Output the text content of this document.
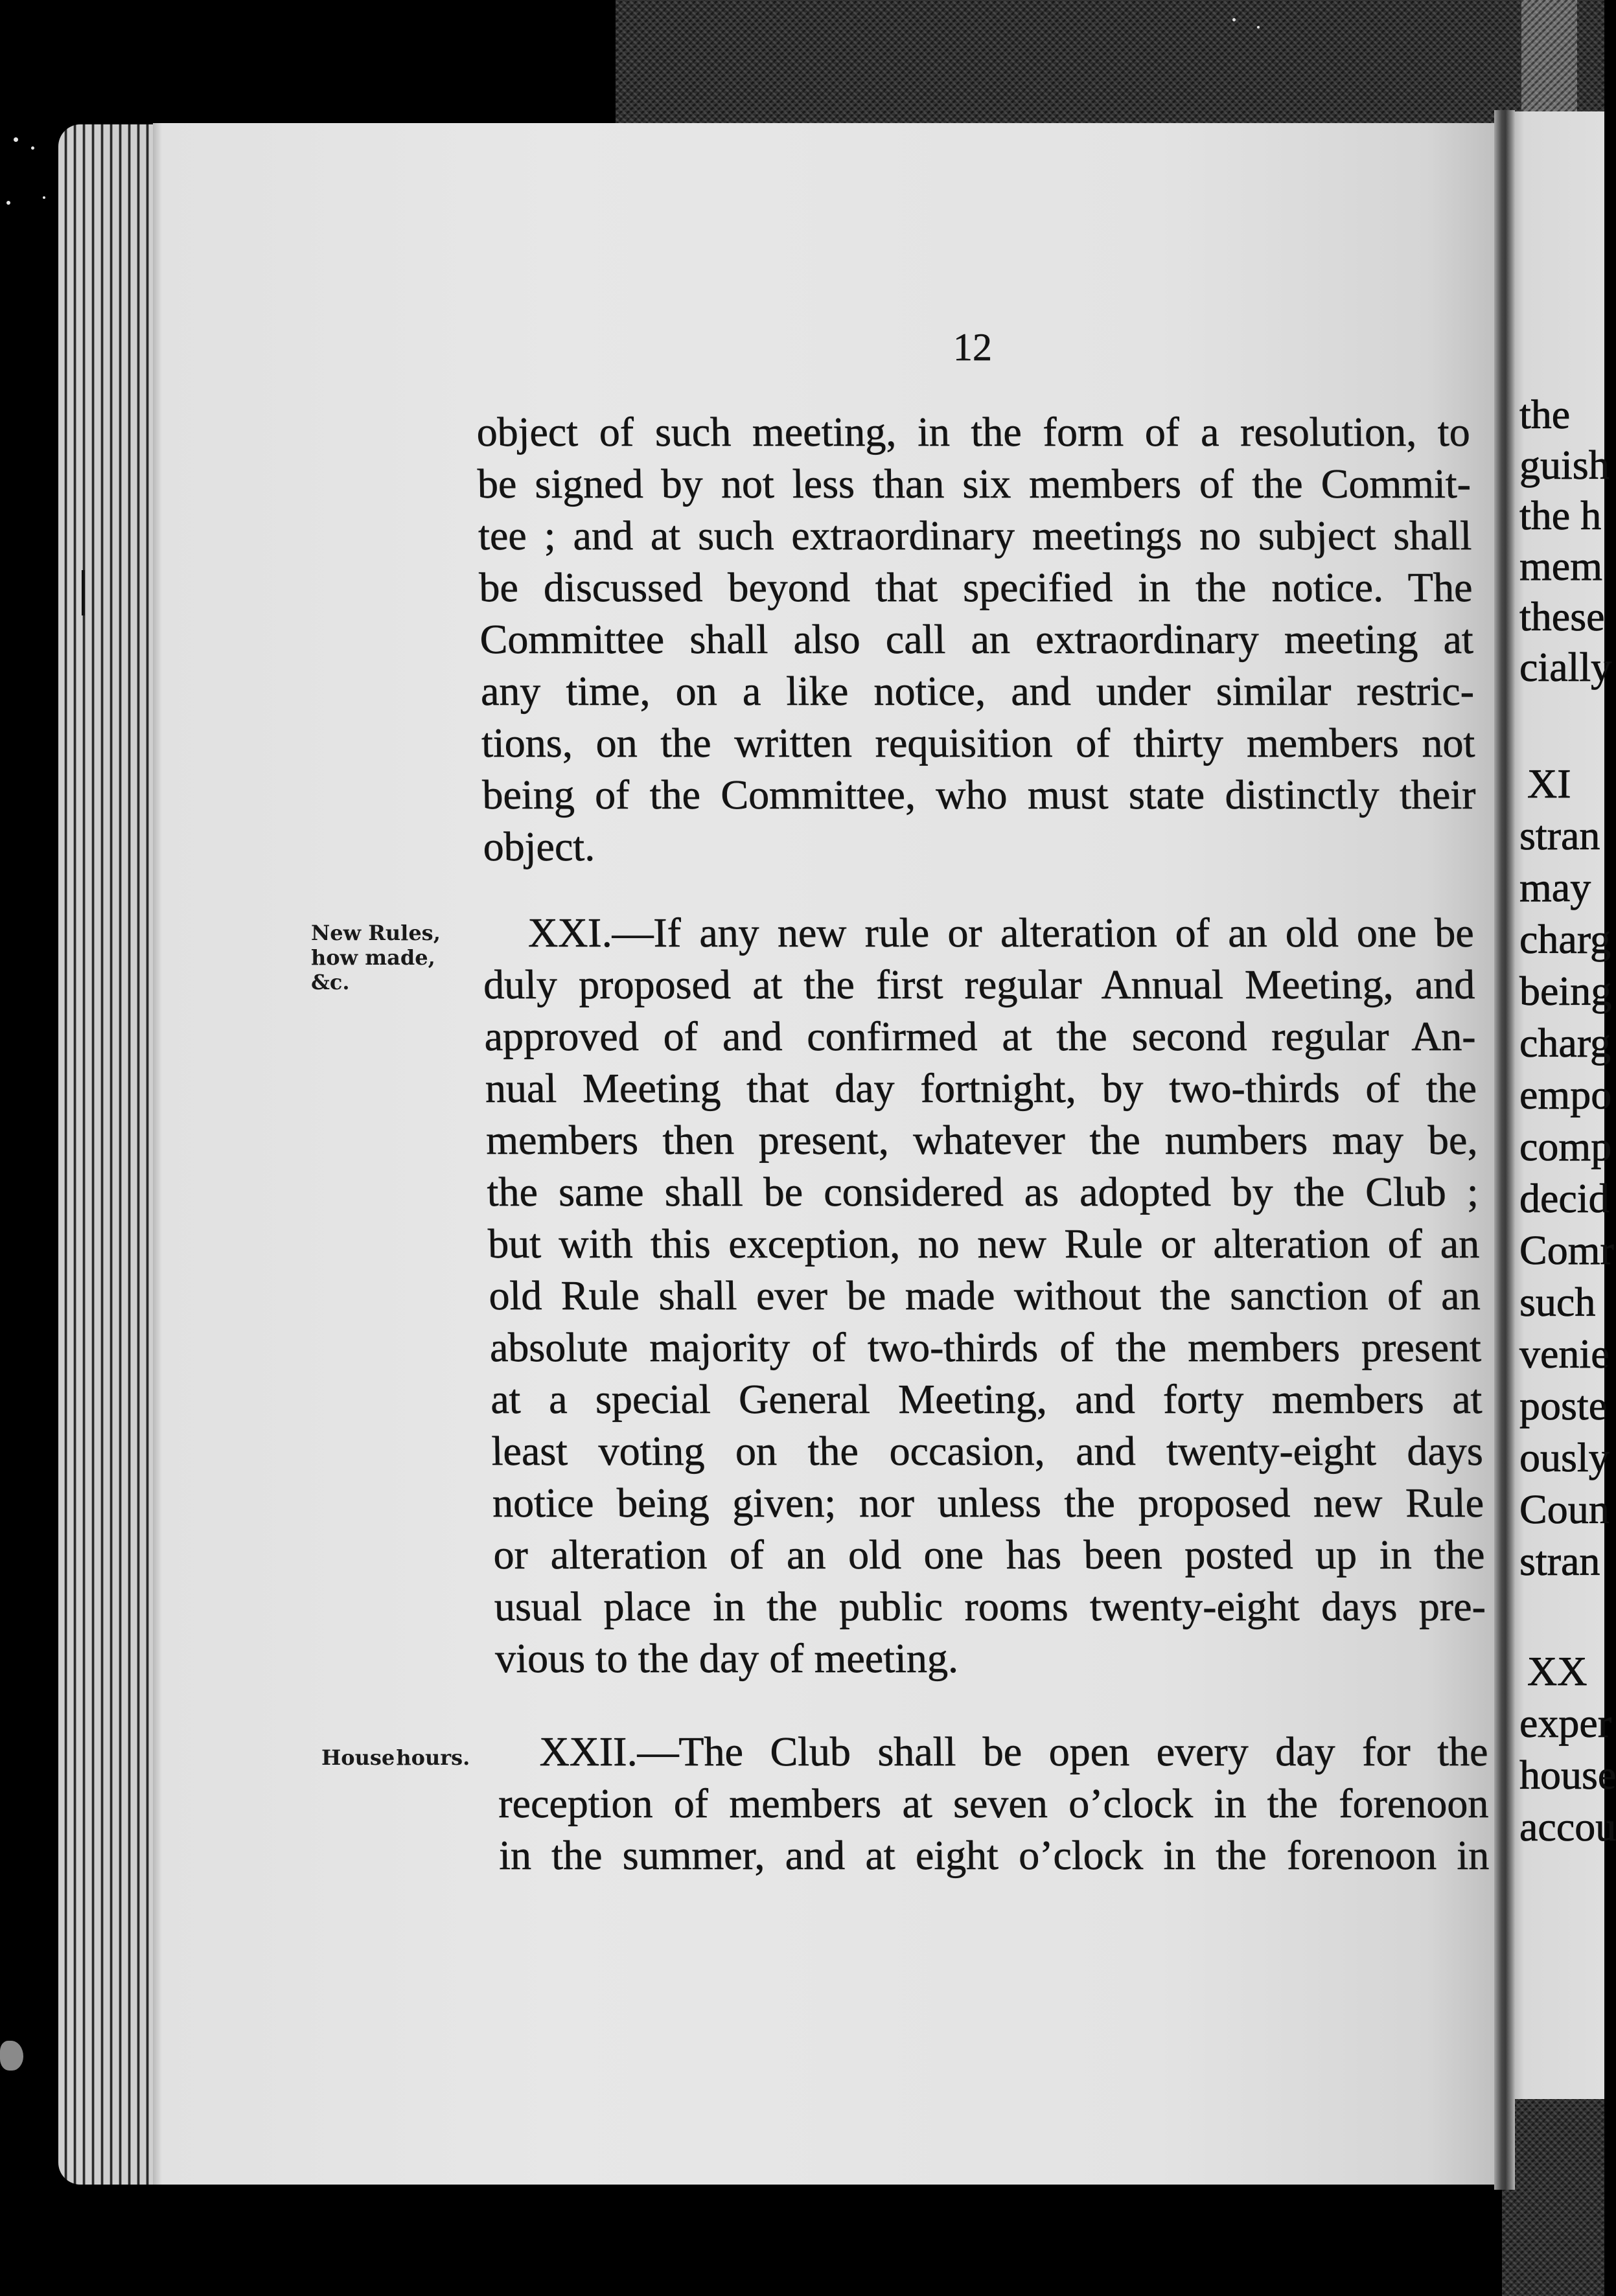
12
object of such meeting, in the form of a resolution, to
be signed by not less than six members of the Commit-
tee ; and at such extraordinary meetings no subject shall
be discussed beyond that specified in the notice. The
Committee shall also call an extraordinary meeting at
any time, on a like notice, and under similar restric-
tions, on the written requisition of thirty members not
being of the Committee, who must state distinctly their
object.
New Rules,
how made,
&c.
XXI.—If any new rule or alteration of an old one be
duly proposed at the first regular Annual Meeting, and
approved of and confirmed at the second regular An-
nual Meeting that day fortnight, by two-thirds of the
members then present, whatever the numbers may be,
the same shall be considered as adopted by the Club ;
but with this exception, no new Rule or alteration of an
old Rule shall ever be made without the sanction of an
absolute majority of two-thirds of the members present
at a special General Meeting, and forty members at
least voting on the occasion, and twenty-eight days
notice being given; nor unless the proposed new Rule
or alteration of an old one has been posted up in the
usual place in the public rooms twenty-eight days pre-
vious to the day of meeting.
House hours.	XXII.—The Club shall be open every day for the
reception of members at seven o’clock in the forenoon
in the summer, and at eight o’clock in the forenoon in
the
guish
the h
mem
these
cially
XI
stran
may
charg
being
charg
empo
comp
decid
Comr
such
venie
poste
ously
Coun
stran
XX
exper
house
accou
